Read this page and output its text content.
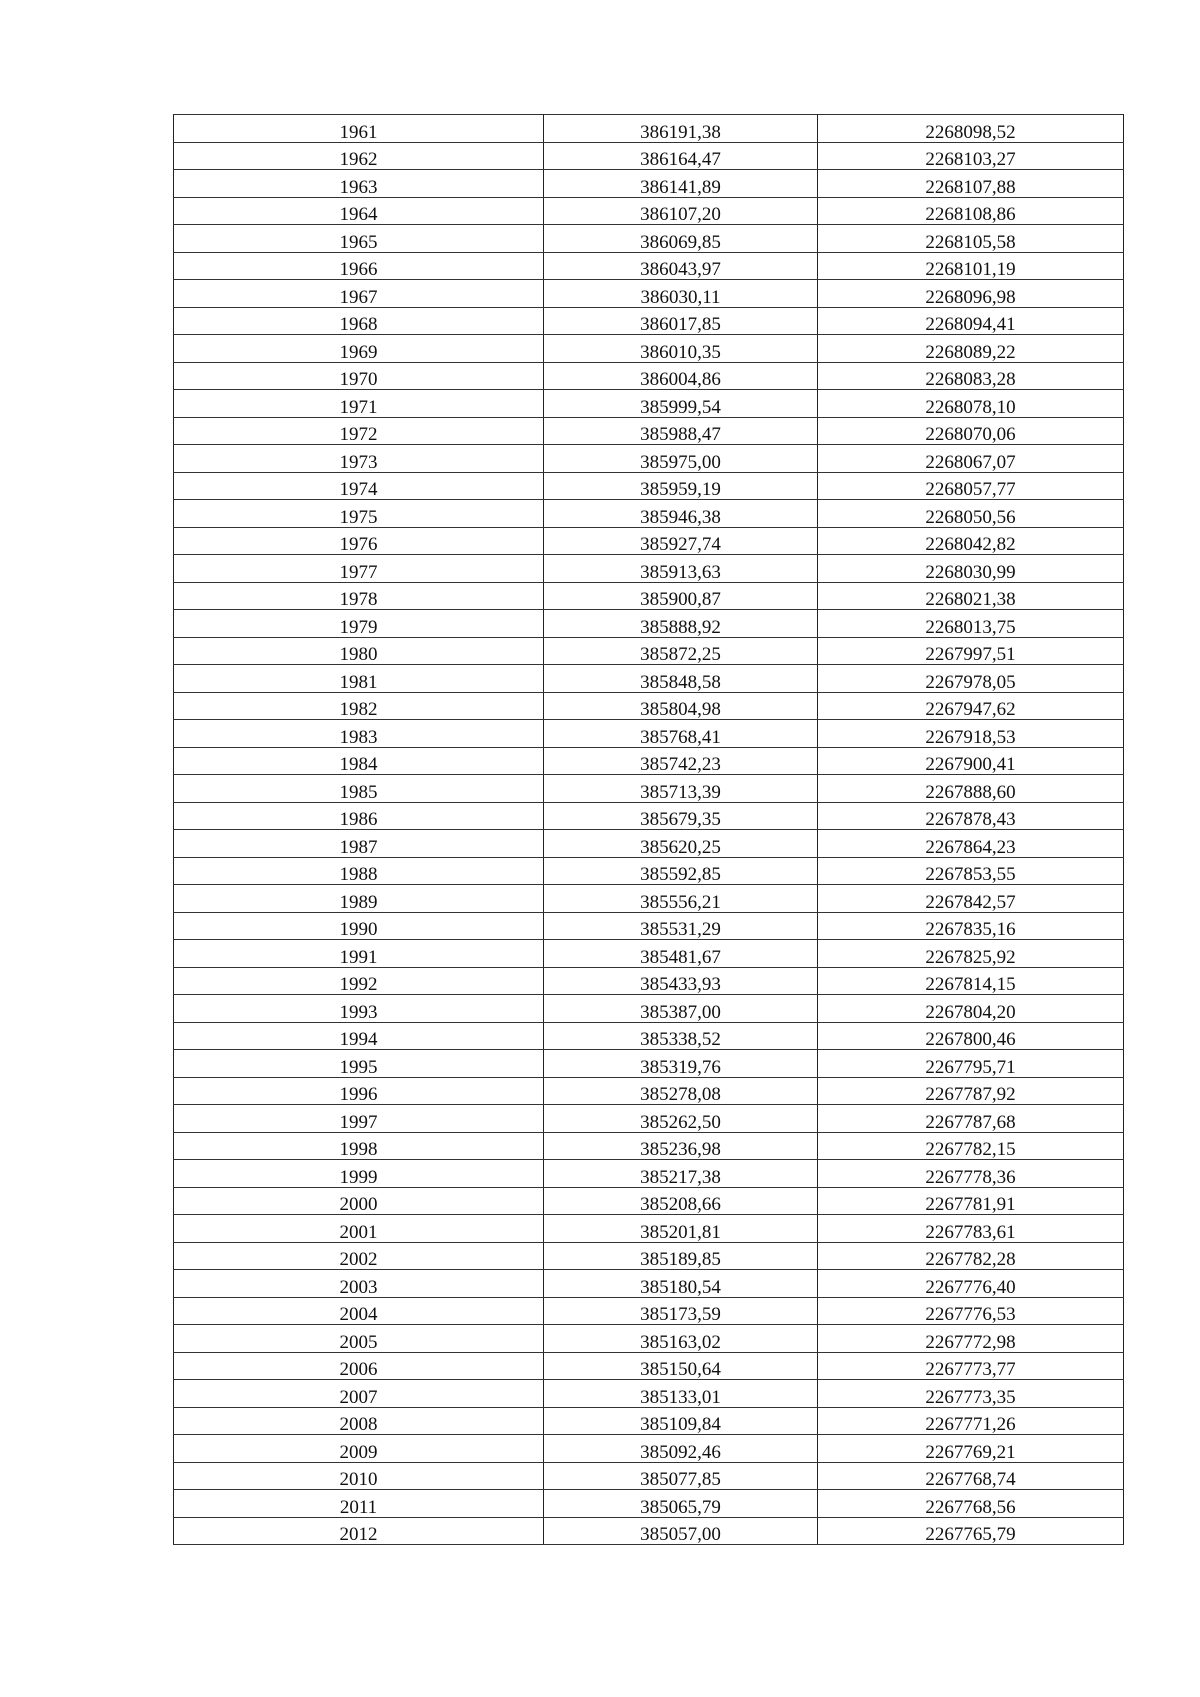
1961	386191,38	2268098,52
1962	386164,47	2268103,27
1963	386141,89	2268107,88
1964	386107,20	2268108,86
1965	386069,85	2268105,58
1966	386043,97	2268101,19
1967	386030,11	2268096,98
1968	386017,85	2268094,41
1969	386010,35	2268089,22
1970	386004,86	2268083,28
1971	385999,54	2268078,10
1972	385988,47	2268070,06
1973	385975,00	2268067,07
1974	385959,19	2268057,77
1975	385946,38	2268050,56
1976	385927,74	2268042,82
1977	385913,63	2268030,99
1978	385900,87	2268021,38
1979	385888,92	2268013,75
1980	385872,25	2267997,51
1981	385848,58	2267978,05
1982	385804,98	2267947,62
1983	385768,41	2267918,53
1984	385742,23	2267900,41
1985	385713,39	2267888,60
1986	385679,35	2267878,43
1987	385620,25	2267864,23
1988	385592,85	2267853,55
1989	385556,21	2267842,57
1990	385531,29	2267835,16
1991	385481,67	2267825,92
1992	385433,93	2267814,15
1993	385387,00	2267804,20
1994	385338,52	2267800,46
1995	385319,76	2267795,71
1996	385278,08	2267787,92
1997	385262,50	2267787,68
1998	385236,98	2267782,15
1999	385217,38	2267778,36
2000	385208,66	2267781,91
2001	385201,81	2267783,61
2002	385189,85	2267782,28
2003	385180,54	2267776,40
2004	385173,59	2267776,53
2005	385163,02	2267772,98
2006	385150,64	2267773,77
2007	385133,01	2267773,35
2008	385109,84	2267771,26
2009	385092,46	2267769,21
2010	385077,85	2267768,74
2011	385065,79	2267768,56
2012	385057,00	2267765,79
